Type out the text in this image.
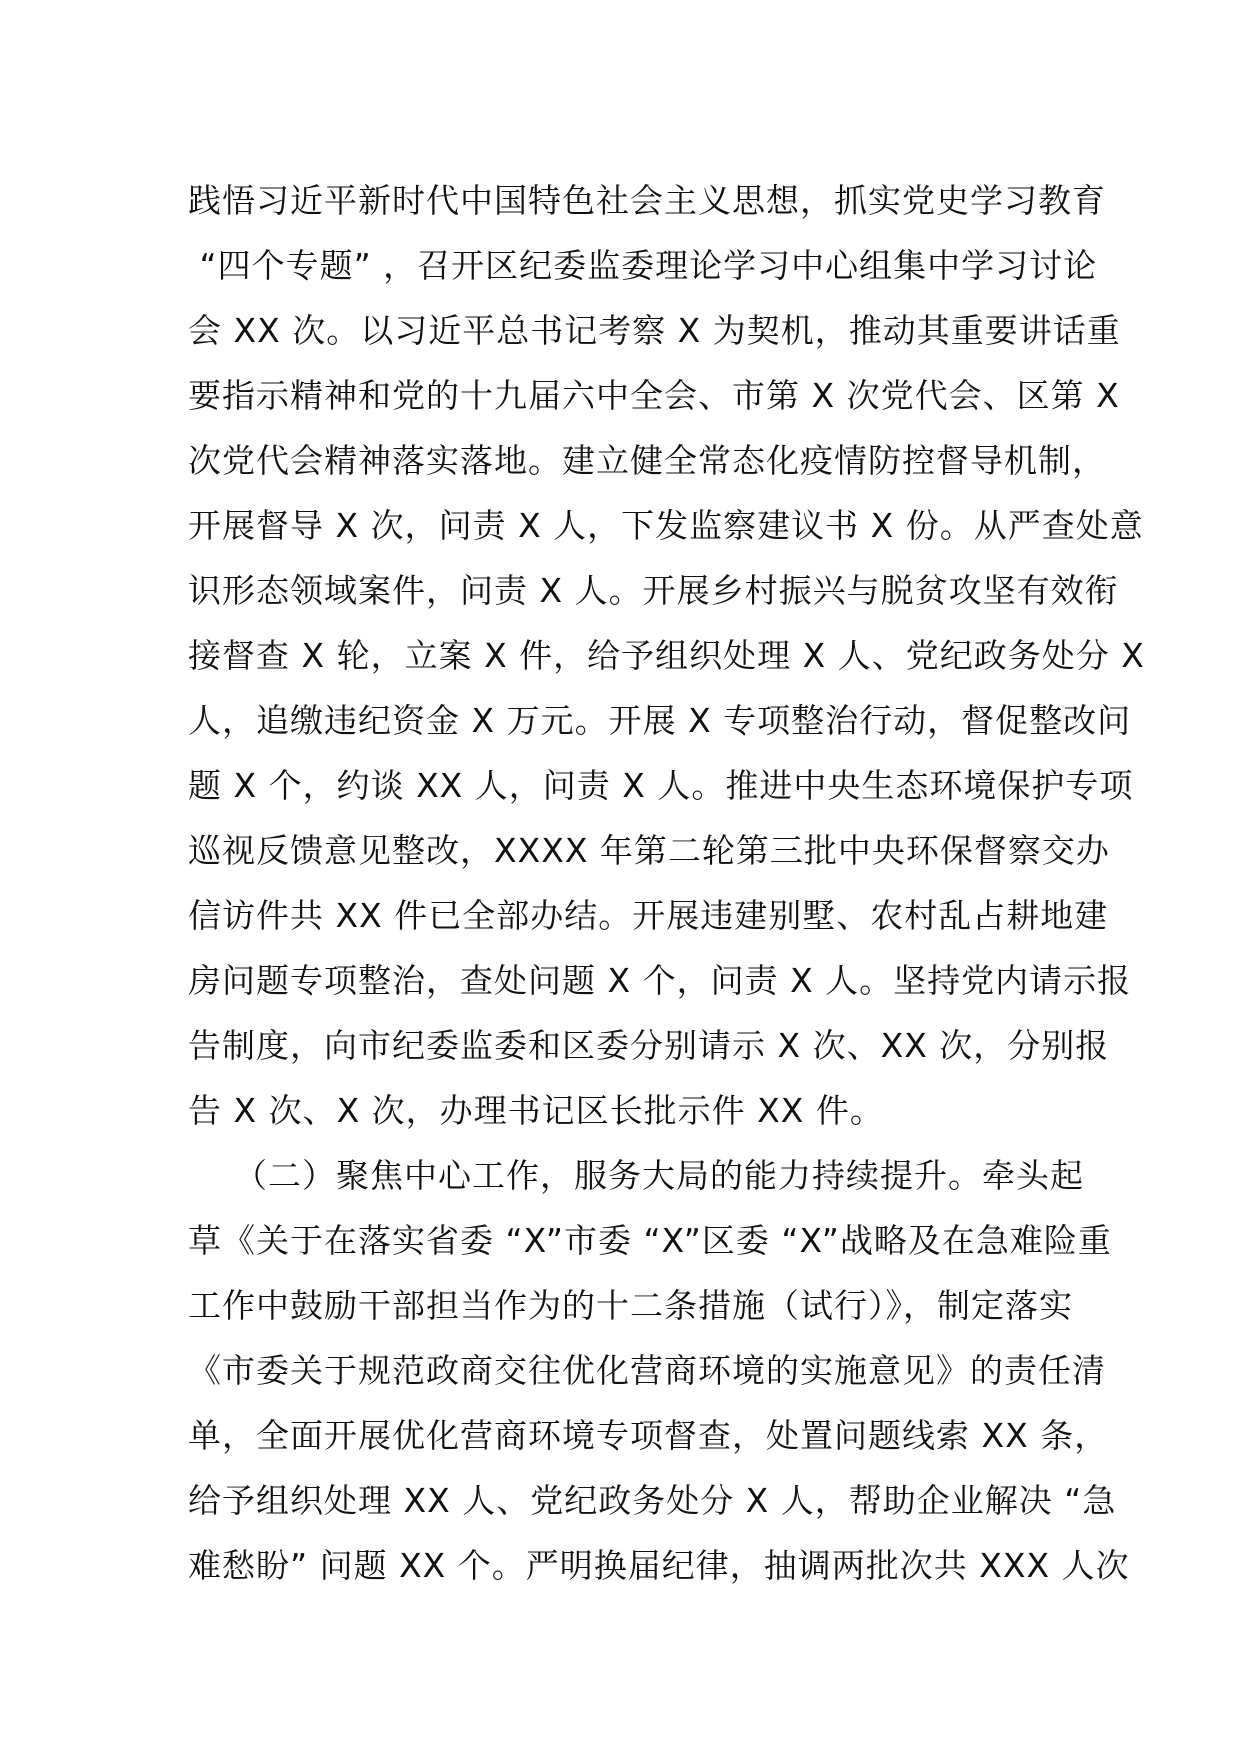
践悟习近平新时代中国特色社会主义思想，抓实党史学习教育
“四个专题” ，召开区纪委监委理论学习中心组集中学习讨论
会 XX 次。以习近平总书记考察 X 为契机，推动其重要讲话重
要指示精神和党的十九届六中全会、市第 X 次党代会、区第 X
次党代会精神落实落地。建立健全常态化疫情防控督导机制，
开展督导 X 次，问责 X 人，下发监察建议书 X 份。从严查处意
识形态领域案件，问责 X 人。开展乡村振兴与脱贫攻坚有效衔
接督查 X 轮，立案 X 件，给予组织处理 X 人、党纪政务处分 X
人，追缴违纪资金 X 万元。开展 X 专项整治行动，督促整改问
题 X 个，约谈 XX 人，问责 X 人。推进中央生态环境保护专项
巡视反馈意见整改，XXXX 年第二轮第三批中央环保督察交办
信访件共 XX 件已全部办结。开展违建别墅、农村乱占耕地建
房问题专项整治，查处问题 X 个，问责 X 人。坚持党内请示报
告制度，向市纪委监委和区委分别请示 X 次、XX 次，分别报
告 X 次、X 次，办理书记区长批示件 XX 件。
（二）聚焦中心工作，服务大局的能力持续提升。牵头起
草《关于在落实省委 “X”市委 “X”区委 “X”战略及在急难险重
工作中鼓励干部担当作为的十二条措施（试行）》，制定落实
《市委关于规范政商交往优化营商环境的实施意见》的责任清
单，全面开展优化营商环境专项督查，处置问题线索 XX 条，
给予组织处理 XX 人、党纪政务处分 X 人，帮助企业解决 “急
难愁盼” 问题 XX 个。严明换届纪律，抽调两批次共 XXX 人次
